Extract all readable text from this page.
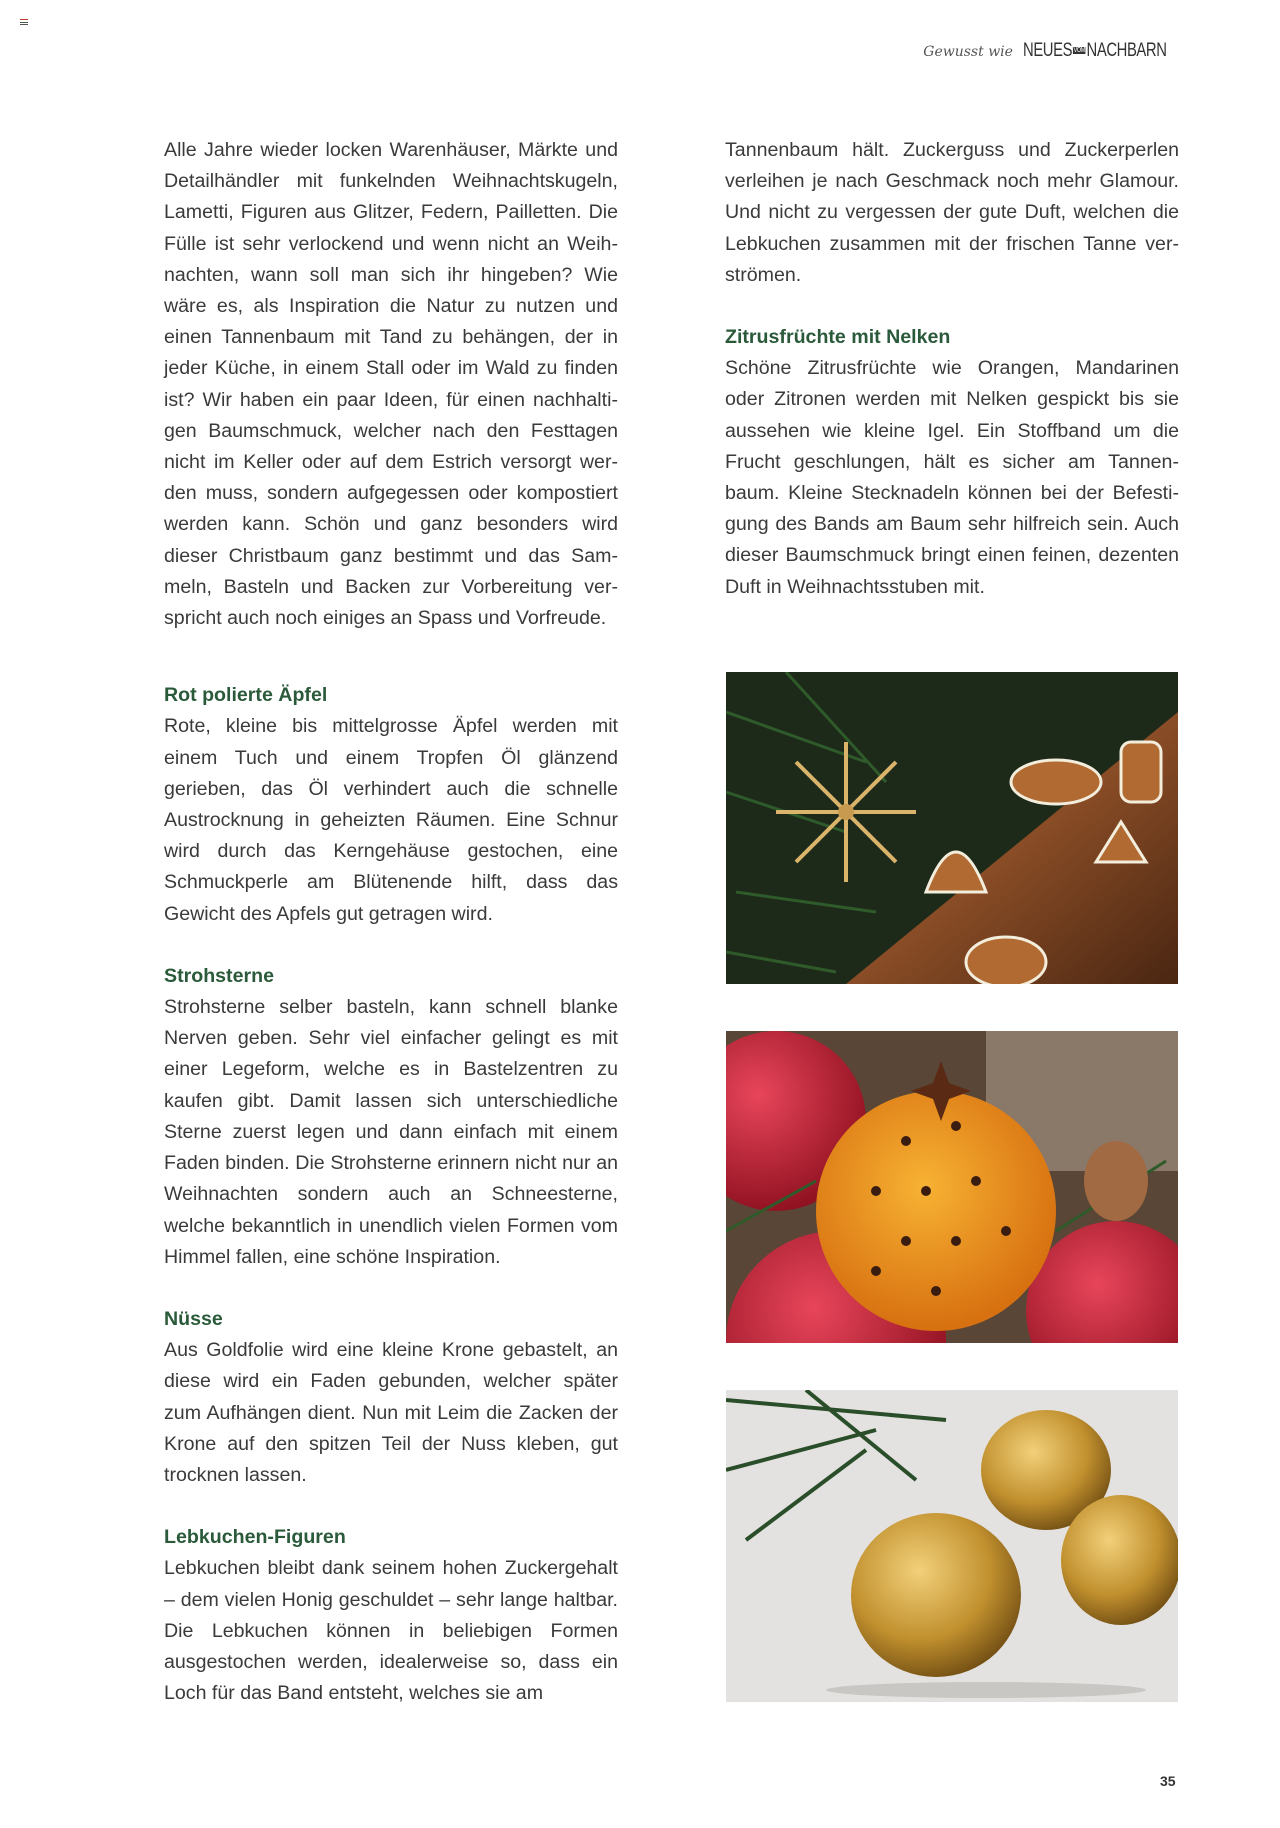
Gewusst wie NEUES VOMNACHBARN

Alle Jahre wieder locken Warenhäuser, Märkte und Detailhändler mit funkelnden Weihnachtskugeln, Lametti, Figuren aus Glitzer, Federn, Pailletten. Die Fülle ist sehr verlockend und wenn nicht an Weihnachten, wann soll man sich ihr hingeben? Wie wäre es, als Inspiration die Natur zu nutzen und einen Tannenbaum mit Tand zu behängen, der in jeder Küche, in einem Stall oder im Wald zu finden ist? Wir haben ein paar Ideen, für einen nachhaltigen Baumschmuck, welcher nach den Festtagen nicht im Keller oder auf dem Estrich versorgt werden muss, sondern aufgegessen oder kompostiert werden kann. Schön und ganz besonders wird dieser Christbaum ganz bestimmt und das Sammeln, Basteln und Backen zur Vorbereitung verspricht auch noch einiges an Spass und Vorfreude.

Rot polierte Äpfel

Rote, kleine bis mittelgrosse Äpfel werden mit einem Tuch und einem Tropfen Öl glänzend gerieben, das Öl verhindert auch die schnelle Austrocknung in geheizten Räumen. Eine Schnur wird durch das Kerngehäuse gestochen, eine Schmuckperle am Blütenende hilft, dass das Gewicht des Apfels gut getragen wird.

Strohsterne

Strohsterne selber basteln, kann schnell blanke Nerven geben. Sehr viel einfacher gelingt es mit einer Legeform, welche es in Bastelzentren zu kaufen gibt. Damit lassen sich unterschiedliche Sterne zuerst legen und dann einfach mit einem Faden binden. Die Strohsterne erinnern nicht nur an Weihnachten sondern auch an Schneesterne, welche bekanntlich in unendlich vielen Formen vom Himmel fallen, eine schöne Inspiration.

Nüsse

Aus Goldfolie wird eine kleine Krone gebastelt, an diese wird ein Faden gebunden, welcher später zum Aufhängen dient. Nun mit Leim die Zacken der Krone auf den spitzen Teil der Nuss kleben, gut trocknen lassen.

Lebkuchen-Figuren

Lebkuchen bleibt dank seinem hohen Zuckergehalt – dem vielen Honig geschuldet – sehr lange haltbar. Die Lebkuchen können in beliebigen Formen ausgestochen werden, idealerweise so, dass ein Loch für das Band entsteht, welches sie am

Tannenbaum hält. Zuckerguss und Zuckerperlen verleihen je nach Geschmack noch mehr Glamour. Und nicht zu vergessen der gute Duft, welchen die Lebkuchen zusammen mit der frischen Tanne verströmen.

Zitrusfrüchte mit Nelken

Schöne Zitrusfrüchte wie Orangen, Mandarinen oder Zitronen werden mit Nelken gespickt bis sie aussehen wie kleine Igel. Ein Stoffband um die Frucht geschlungen, hält es sicher am Tannenbaum. Kleine Stecknadeln können bei der Befestigung des Bands am Baum sehr hilfreich sein. Auch dieser Baumschmuck bringt einen feinen, dezenten Duft in Weihnachtsstuben mit.

35
